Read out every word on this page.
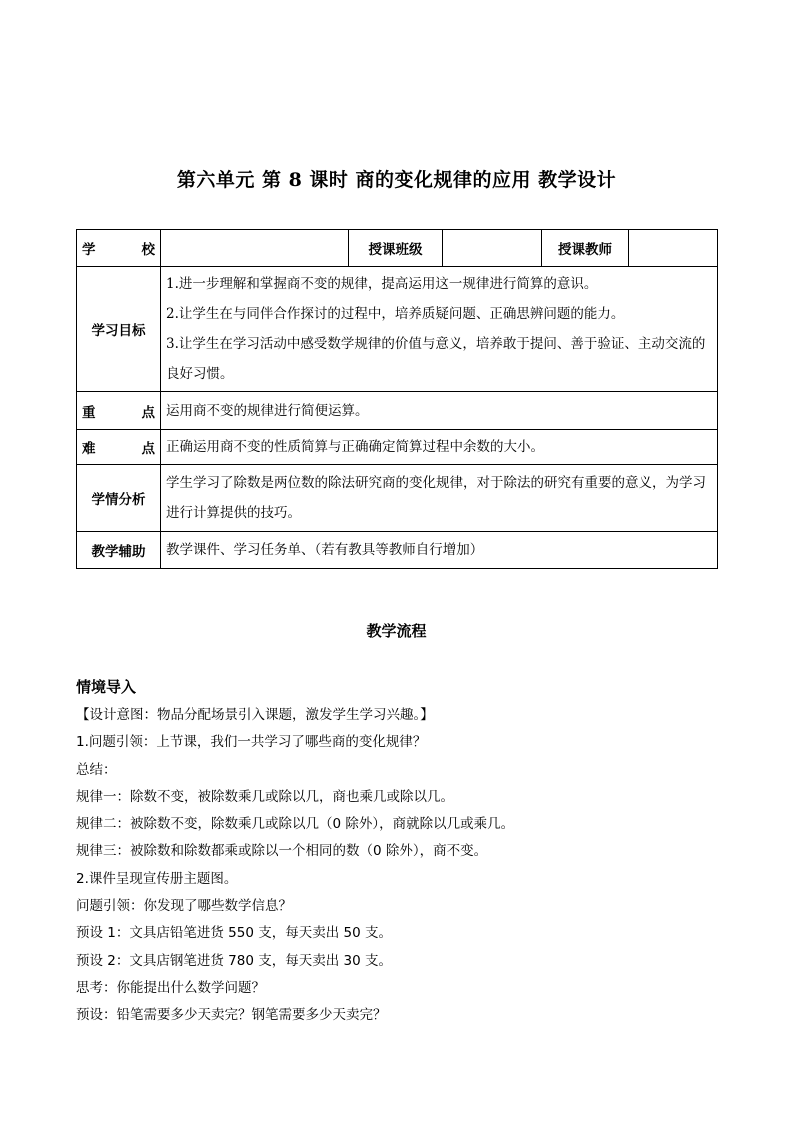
第六单元 第 8 课时 商的变化规律的应用 教学设计
学 校		授课班级		授课教师	
学习目标	1.进一步理解和掌握商不变的规律，提高运用这一规律进行简算的意识。

2.让学生在与同伴合作探讨的过程中，培养质疑问题、正确思辨问题的能力。

3.让学生在学习活动中感受数学规律的价值与意义，培养敢于提问、善于验证、主动交流的良好习惯。				

重 点	运用商不变的规律进行简便运算。				
难 点	正确运用商不变的性质简算与正确确定简算过程中余数的大小。				
学情分析	学生学习了除数是两位数的除法研究商的变化规律，对于除法的研究有重要的意义，为学习进行计算提供的技巧。				
教学辅助	教学课件、学习任务单、（若有教具等教师自行增加）				
教学流程
情境导入
【设计意图：物品分配场景引入课题，激发学生学习兴趣。】
1.问题引领：上节课，我们一共学习了哪些商的变化规律？
总结：
规律一：除数不变，被除数乘几或除以几，商也乘几或除以几。
规律二：被除数不变，除数乘几或除以几（0 除外），商就除以几或乘几。
规律三：被除数和除数都乘或除以一个相同的数（0 除外），商不变。
2.课件呈现宣传册主题图。
问题引领：你发现了哪些数学信息？
预设 1：文具店铅笔进货 550 支，每天卖出 50 支。
预设 2：文具店钢笔进货 780 支，每天卖出 30 支。
思考：你能提出什么数学问题？
预设：铅笔需要多少天卖完？钢笔需要多少天卖完？
